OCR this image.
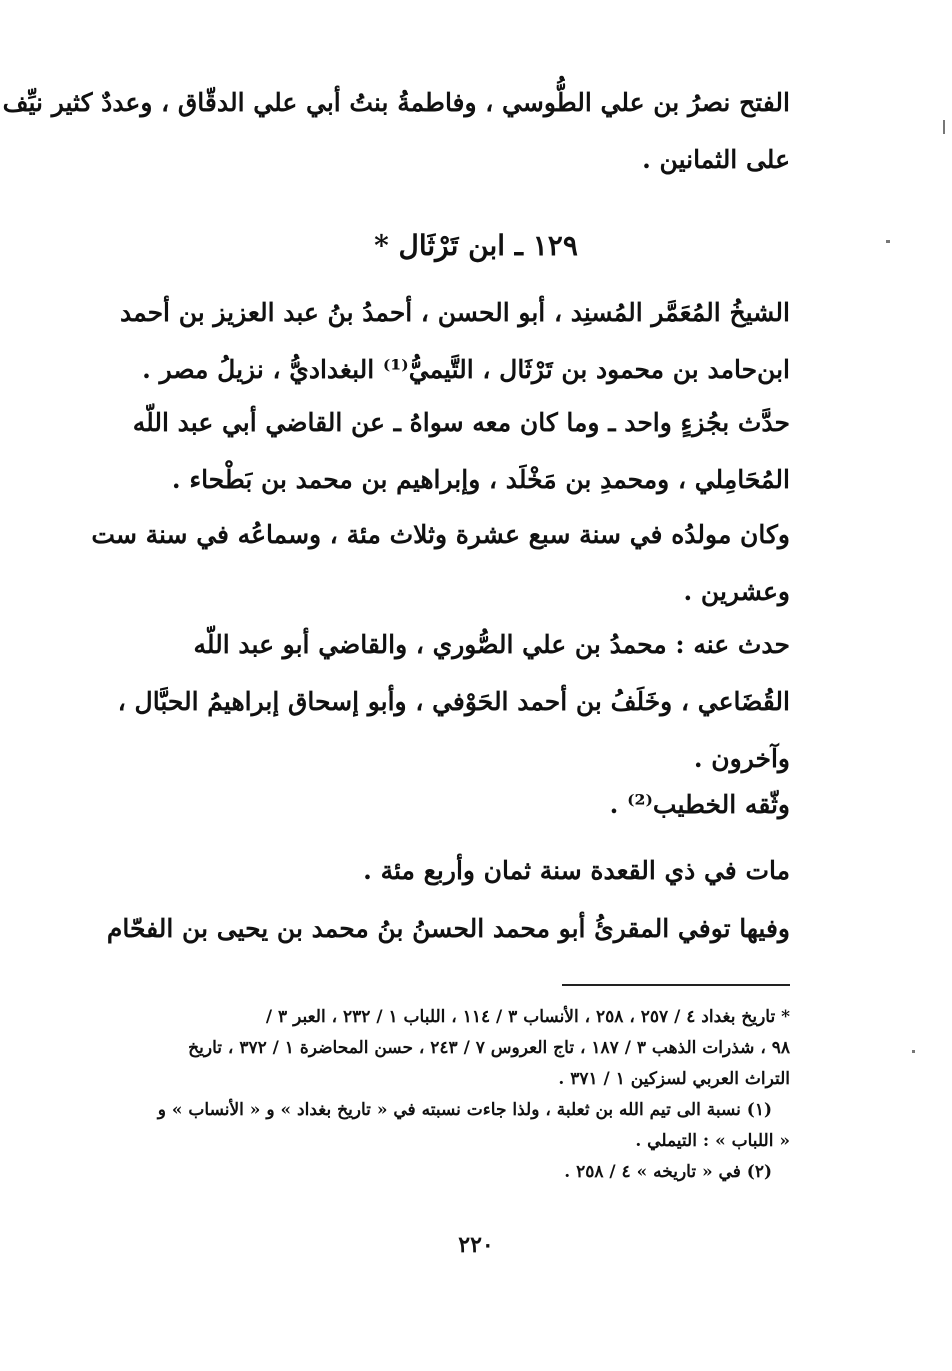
الفتح نصرُ بن علي الطُّوسي ، وفاطمةُ بنتُ أبي علي الدقّاق ، وعددٌ كثير نيِّف
على الثمانين .
١٢٩ ـ ابن تَرْثَال *
الشيخُ المُعَمَّر المُسنِد ، أبو الحسن ، أحمدُ بنُ عبد العزيز بن أحمد
ابن‌حامد بن محمود بن تَرْثَال ، التَّيميُّ⁽¹⁾ البغداديُّ ، نزيلُ مصر .
حدَّث بجُزءٍ واحد ـ وما كان معه سواهُ ـ عن القاضي أبي عبد اللّه
المُحَامِلي ، ومحمدِ بن مَخْلَد ، وإبراهيم بن محمد بن بَطْحاء .
وكان مولدُه في سنة سبع عشرة وثلاث مئة ، وسماعُه في سنة ست
وعشرين .
حدث عنه : محمدُ بن علي الصُّوري ، والقاضي أبو عبد اللّه
القُضَاعي ، وخَلَفُ بن أحمد الحَوْفي ، وأبو إسحاق إبراهيمُ الحبَّال ،
وآخرون .
وثّقه الخطيب⁽²⁾ .
مات في ذي القعدة سنة ثمان وأربع مئة .
وفيها توفي المقرئُ أبو محمد الحسنُ بنُ محمد بن يحيى بن الفحّام
* تاريخ بغداد ٤ / ٢٥٧ ، ٢٥٨ ، الأنساب ٣ / ١١٤ ، اللباب ١ / ٢٣٢ ، العبر ٣ /
٩٨ ، شذرات الذهب ٣ / ١٨٧ ، تاج العروس ٧ / ٢٤٣ ، حسن المحاضرة ١ / ٣٧٢ ، تاريخ
التراث العربي لسزكين ١ / ٣٧١ .
(١) نسبة الى تيم الله بن ثعلبة ، ولذا جاءت نسبته في « تاريخ بغداد » و « الأنساب » و
« اللباب » : التيملي .
(٢) في « تاريخه » ٤ / ٢٥٨ .
٢٢٠
